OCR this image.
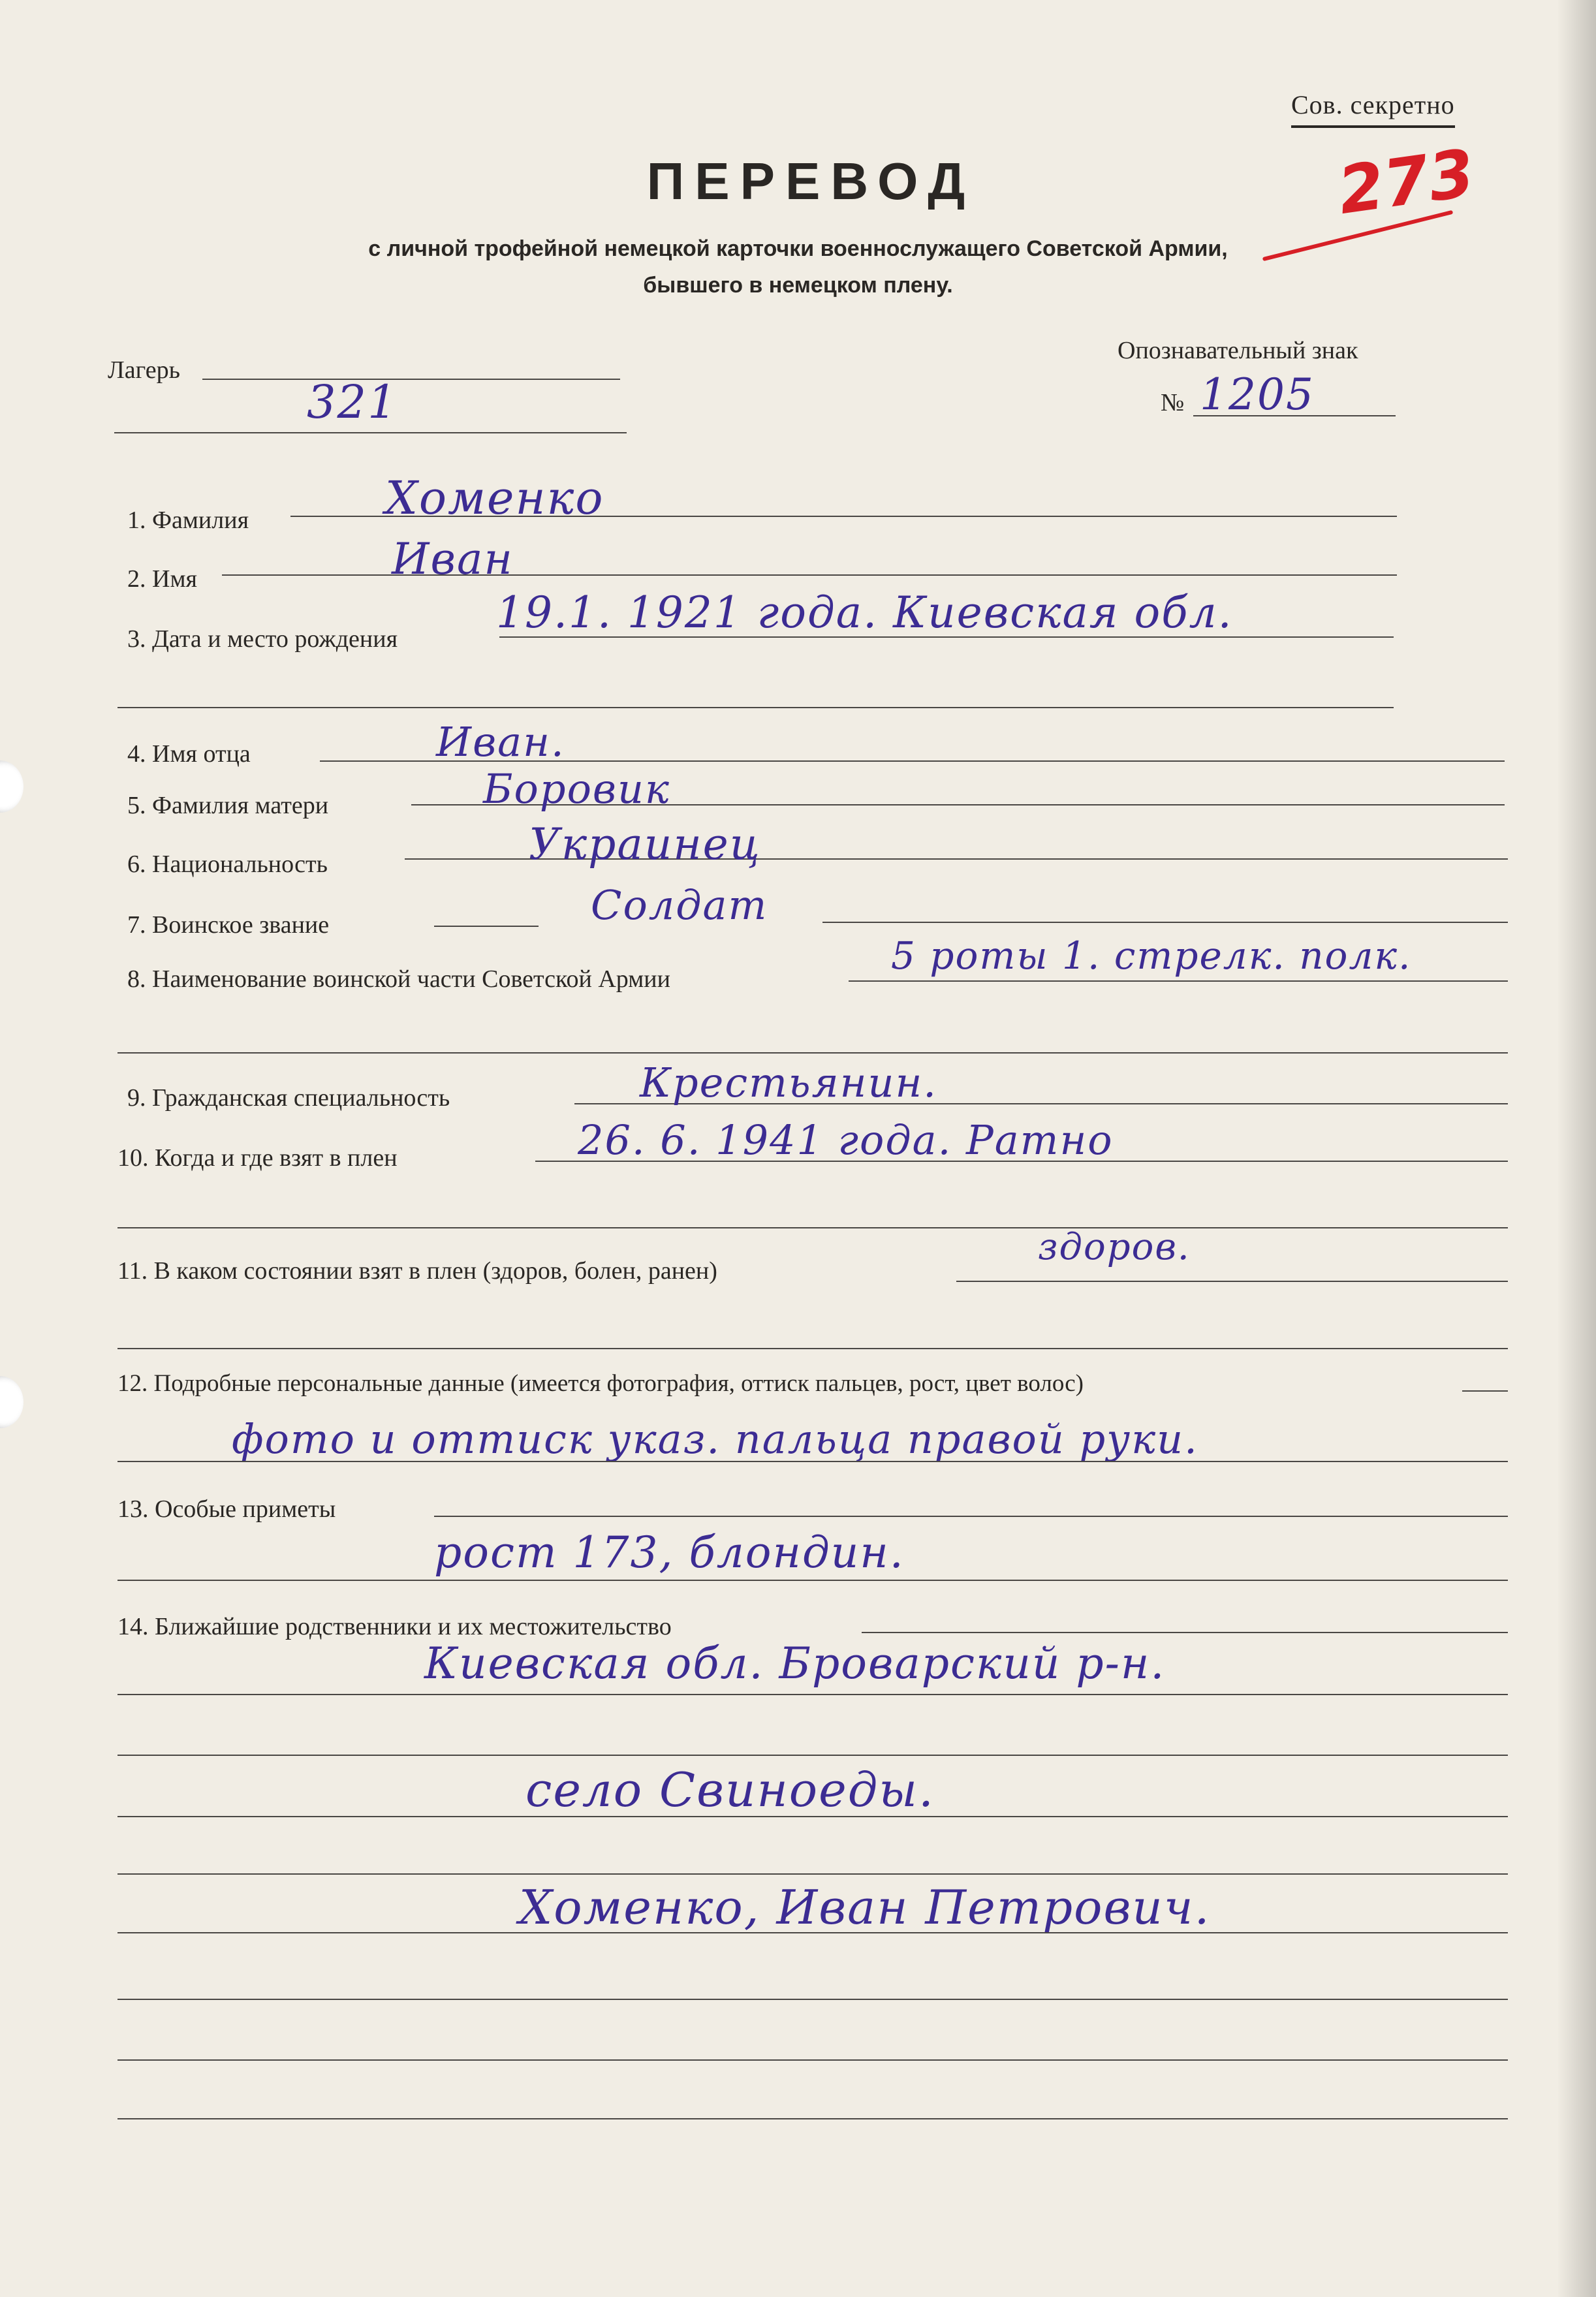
Сов. секретно
ПЕРЕВОД
с личной трофейной немецкой карточки военнослужащего Советской Армии,
бывшего в немецком плену.
273
Лагерь
321
Опознавательный знак
№ 1205
1. Фамилия	Хоменко
2. Имя	Иван
3. Дата и место рождения
19.1. 1921 года. Киевская обл.
4. Имя отца	Иван.
5. Фамилия матери	Боровик
6. Национальность	Украинец
7. Воинское звание	Солдат
8. Наименование воинской части Советской Армии
5 роты 1. стрелк. полк.
9. Гражданская специальность	Крестьянин.
10. Когда и где взят в плен	26. 6. 1941 года. Ратно
11. В каком состоянии взят в плен (здоров, болен, ранен)
здоров.
12. Подробные персональные данные (имеется фотография, оттиск пальцев, рост, цвет волос)
фото и оттиск указ. пальца правой руки.
13. Особые приметы
рост 173, блондин.
14. Ближайшие родственники и их местожительство
Киевская обл. Броварский р-н.
село Свиноеды.
Хоменко, Иван Петрович.
